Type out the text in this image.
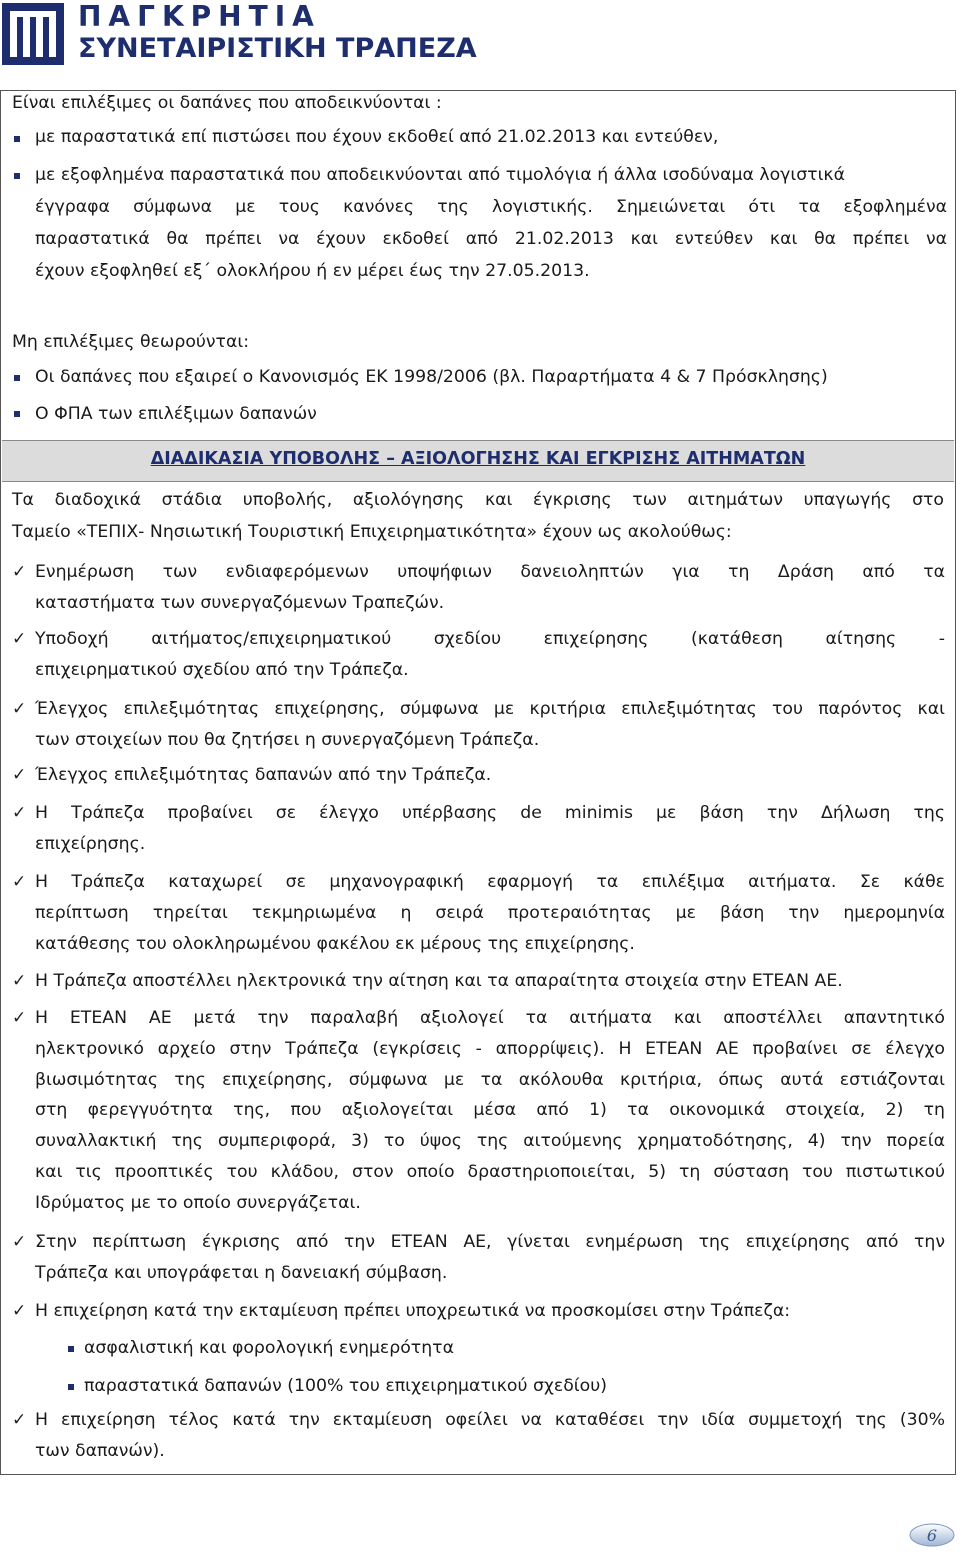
ΠΑΓΚΡΗΤΙΑ
ΣΥΝΕΤΑΙΡΙΣΤΙΚΗ ΤΡΑΠΕΖΑ
Είναι επιλέξιμες οι δαπάνες που αποδεικνύονται :
με παραστατικά επί πιστώσει που έχουν εκδοθεί από 21.02.2013 και εντεύθεν,
με εξοφλημένα παραστατικά που αποδεικνύονται από τιμολόγια ή άλλα ισοδύναμα λογιστικά
έγγραφα σύμφωνα με τους κανόνες της λογιστικής. Σημειώνεται ότι τα εξοφλημένα
παραστατικά θα πρέπει να έχουν εκδοθεί από 21.02.2013 και εντεύθεν και θα πρέπει να
έχουν εξοφληθεί εξ΄ ολοκλήρου ή εν μέρει έως την 27.05.2013.
Μη επιλέξιμες θεωρούνται:
Οι δαπάνες που εξαιρεί ο Κανονισμός ΕΚ 1998/2006 (βλ. Παραρτήματα 4 & 7 Πρόσκλησης)
Ο ΦΠΑ των επιλέξιμων δαπανών
ΔΙΑΔΙΚΑΣΙΑ ΥΠΟΒΟΛΗΣ – ΑΞΙΟΛΟΓΗΣΗΣ ΚΑΙ ΕΓΚΡΙΣΗΣ ΑΙΤΗΜΑΤΩΝ
Τα διαδοχικά στάδια υποβολής, αξιολόγησης και έγκρισης των αιτημάτων υπαγωγής στο
Ταμείο «ΤΕΠΙΧ- Νησιωτική Τουριστική Επιχειρηματικότητα» έχουν ως ακολούθως:
✓ Ενημέρωση των ενδιαφερόμενων υποψήφιων δανειοληπτών για τη Δράση από τα
καταστήματα των συνεργαζόμενων Τραπεζών.
✓ Υποδοχή αιτήματος/επιχειρηματικού σχεδίου επιχείρησης (κατάθεση αίτησης -
επιχειρηματικού σχεδίου από την Τράπεζα.
✓ Έλεγχος επιλεξιμότητας επιχείρησης, σύμφωνα με κριτήρια επιλεξιμότητας του παρόντος και
των στοιχείων που θα ζητήσει η συνεργαζόμενη Τράπεζα.
✓ Έλεγχος επιλεξιμότητας δαπανών από την Τράπεζα.
✓ Η Τράπεζα προβαίνει σε έλεγχο υπέρβασης de minimis με βάση την Δήλωση της
επιχείρησης.
✓ Η Τράπεζα καταχωρεί σε μηχανογραφική εφαρμογή τα επιλέξιμα αιτήματα. Σε κάθε
περίπτωση τηρείται τεκμηριωμένα η σειρά προτεραιότητας με βάση την ημερομηνία
κατάθεσης του ολοκληρωμένου φακέλου εκ μέρους της επιχείρησης.
✓ Η Τράπεζα αποστέλλει ηλεκτρονικά την αίτηση και τα απαραίτητα στοιχεία στην ΕΤΕΑΝ ΑΕ.
✓ Η ΕΤΕΑΝ ΑΕ μετά την παραλαβή αξιολογεί τα αιτήματα και αποστέλλει απαντητικό
ηλεκτρονικό αρχείο στην Τράπεζα (εγκρίσεις - απορρίψεις). Η ΕΤΕΑΝ ΑΕ προβαίνει σε έλεγχο
βιωσιμότητας της επιχείρησης, σύμφωνα με τα ακόλουθα κριτήρια, όπως αυτά εστιάζονται
στη φερεγγυότητα της, που αξιολογείται μέσα από 1) τα οικονομικά στοιχεία, 2) τη
συναλλακτική της συμπεριφορά, 3) το ύψος της αιτούμενης χρηματοδότησης, 4) την πορεία
και τις προοπτικές του κλάδου, στον οποίο δραστηριοποιείται, 5) τη σύσταση του πιστωτικού
Ιδρύματος με το οποίο συνεργάζεται.
✓ Στην περίπτωση έγκρισης από την ΕΤΕΑΝ ΑΕ, γίνεται ενημέρωση της επιχείρησης από την
Τράπεζα και υπογράφεται η δανειακή σύμβαση.
✓ Η επιχείρηση κατά την εκταμίευση πρέπει υποχρεωτικά να προσκομίσει στην Τράπεζα:
✓ Η επιχείρηση τέλος κατά την εκταμίευση οφείλει να καταθέσει την ιδία συμμετοχή της (30%
των δαπανών).
ασφαλιστική και φορολογική ενημερότητα
παραστατικά δαπανών (100% του επιχειρηματικού σχεδίου)
6
